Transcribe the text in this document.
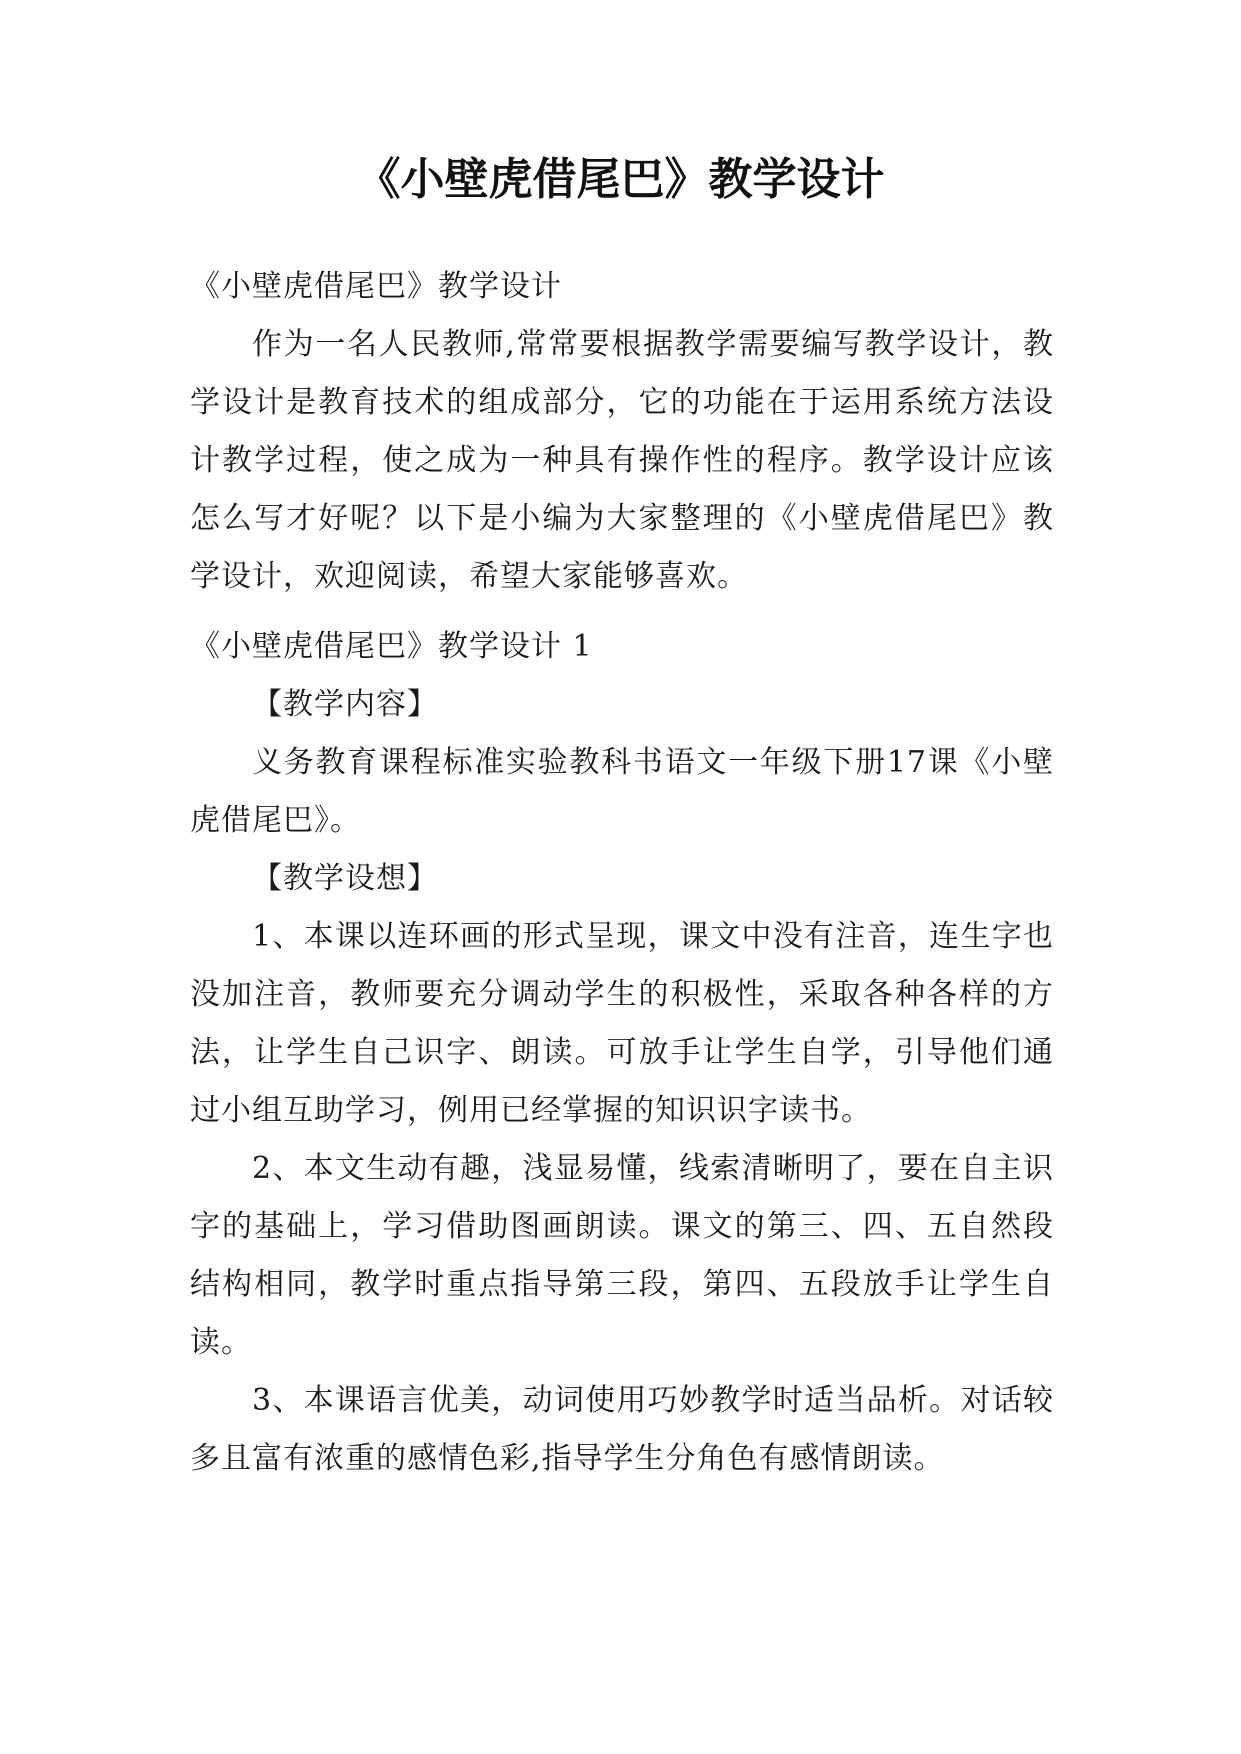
《小壁虎借尾巴》教学设计

《小壁虎借尾巴》教学设计

作为一名人民教师,常常要根据教学需要编写教学设计，教学设计是教育技术的组成部分，它的功能在于运用系统方法设计教学过程，使之成为一种具有操作性的程序。教学设计应该怎么写才好呢？以下是小编为大家整理的《小壁虎借尾巴》教学设计，欢迎阅读，希望大家能够喜欢。

《小壁虎借尾巴》教学设计 1

【教学内容】

义务教育课程标准实验教科书语文一年级下册17课《小壁虎借尾巴》。

【教学设想】

1、本课以连环画的形式呈现，课文中没有注音，连生字也没加注音，教师要充分调动学生的积极性，采取各种各样的方法，让学生自己识字、朗读。可放手让学生自学，引导他们通过小组互助学习，例用已经掌握的知识识字读书。

2、本文生动有趣，浅显易懂，线索清晰明了，要在自主识字的基础上，学习借助图画朗读。课文的第三、四、五自然段结构相同，教学时重点指导第三段，第四、五段放手让学生自读。

3、本课语言优美，动词使用巧妙教学时适当品析。对话较多且富有浓重的感情色彩,指导学生分角色有感情朗读。
